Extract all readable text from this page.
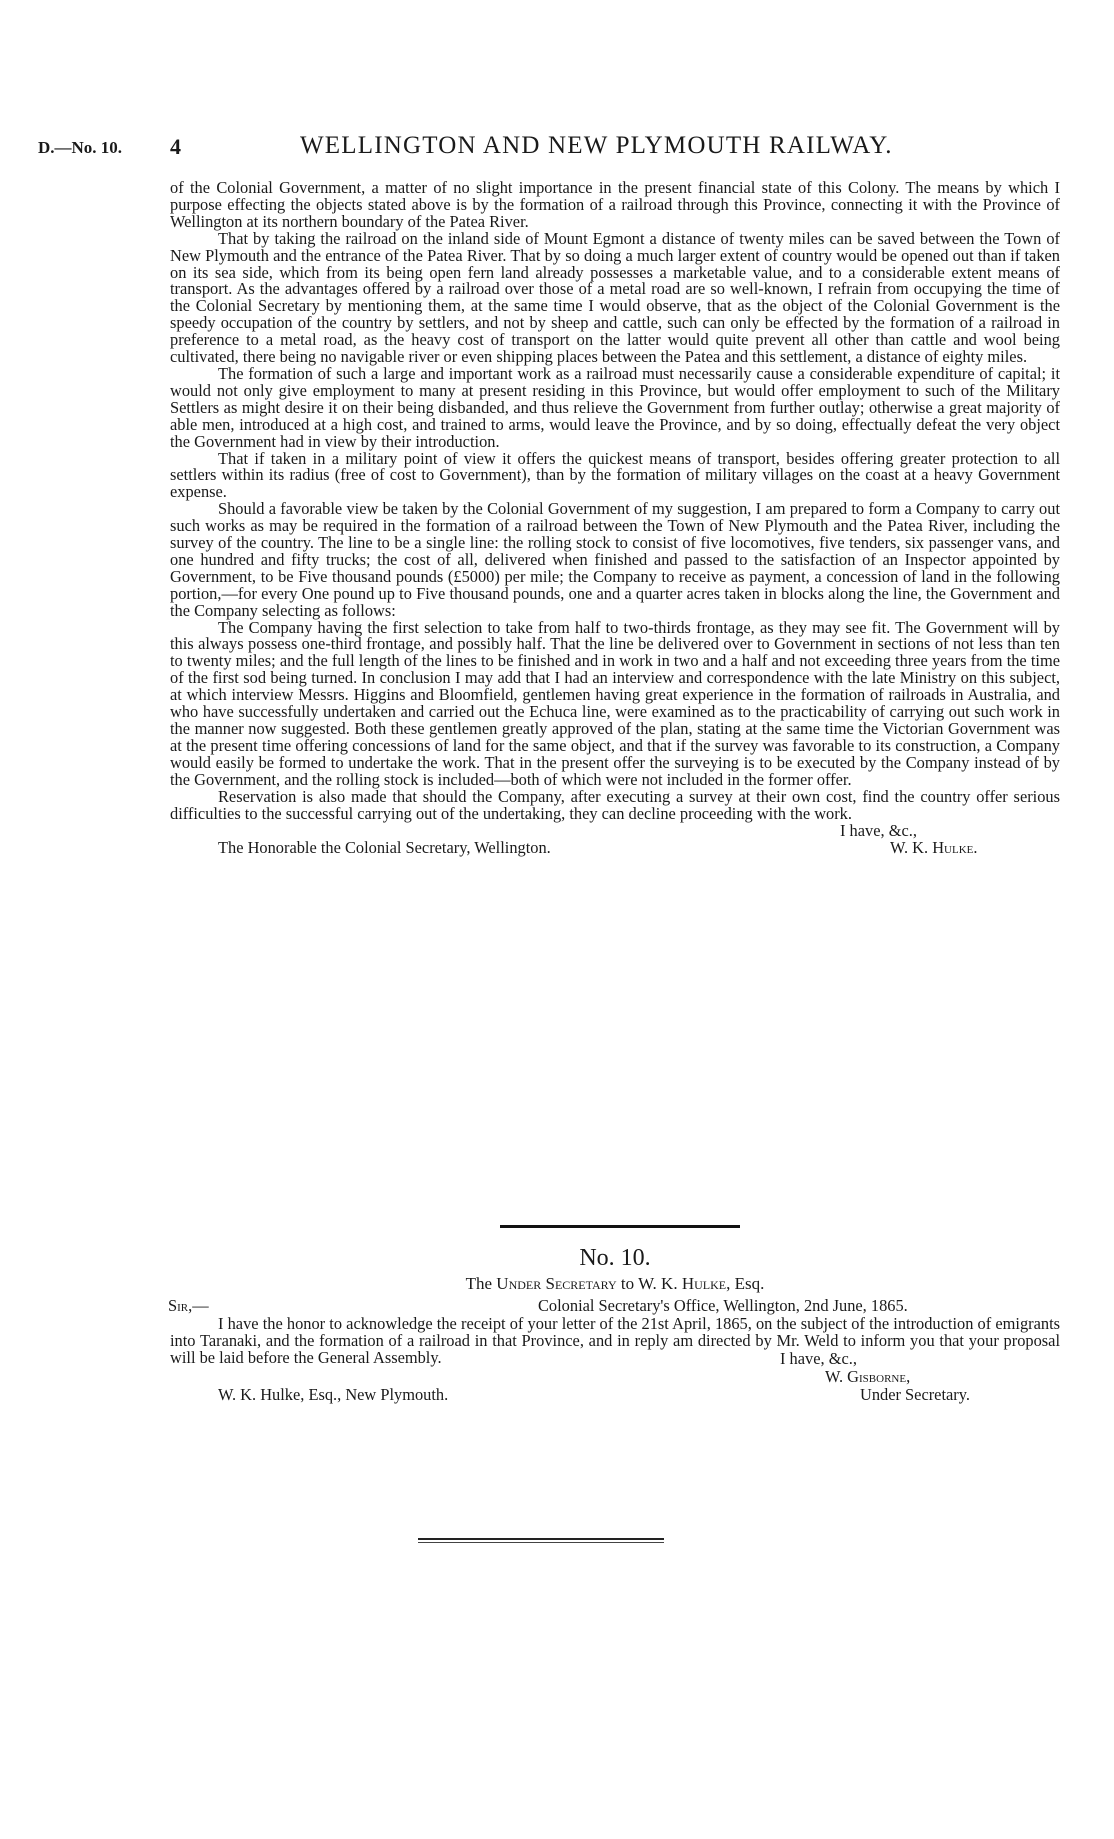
D.—No. 10. 4	WELLINGTON AND NEW PLYMOUTH RAILWAY.

of the Colonial Government, a matter of no slight importance in the present financial state of this Colony. The means by which I purpose effecting the objects stated above is by the formation of a railroad through this Province, connecting it with the Province of Wellington at its northern boundary of the Patea River.

That by taking the railroad on the inland side of Mount Egmont a distance of twenty miles can be saved between the Town of New Plymouth and the entrance of the Patea River. That by so doing a much larger extent of country would be opened out than if taken on its sea side, which from its being open fern land already possesses a marketable value, and to a considerable extent means of transport. As the advantages offered by a railroad over those of a metal road are so well-known, I refrain from occupying the time of the Colonial Secretary by mentioning them, at the same time I would observe, that as the object of the Colonial Government is the speedy occupation of the country by settlers, and not by sheep and cattle, such can only be effected by the formation of a railroad in preference to a metal road, as the heavy cost of transport on the latter would quite prevent all other than cattle and wool being cultivated, there being no navigable river or even shipping places between the Patea and this settlement, a distance of eighty miles.

The formation of such a large and important work as a railroad must necessarily cause a considerable expenditure of capital; it would not only give employment to many at present residing in this Province, but would offer employment to such of the Military Settlers as might desire it on their being disbanded, and thus relieve the Government from further outlay; otherwise a great majority of able men, introduced at a high cost, and trained to arms, would leave the Province, and by so doing, effectually defeat the very object the Government had in view by their introduction.

That if taken in a military point of view it offers the quickest means of transport, besides offering greater protection to all settlers within its radius (free of cost to Government), than by the formation of military villages on the coast at a heavy Government expense.

Should a favorable view be taken by the Colonial Government of my suggestion, I am prepared to form a Company to carry out such works as may be required in the formation of a railroad between the Town of New Plymouth and the Patea River, including the survey of the country. The line to be a single line: the rolling stock to consist of five locomotives, five tenders, six passenger vans, and one hundred and fifty trucks; the cost of all, delivered when finished and passed to the satisfaction of an Inspector appointed by Government, to be Five thousand pounds (£5000) per mile; the Company to receive as payment, a concession of land in the following portion,—for every One pound up to Five thousand pounds, one and a quarter acres taken in blocks along the line, the Government and the Company selecting as follows:

The Company having the first selection to take from half to two-thirds frontage, as they may see fit. The Government will by this always possess one-third frontage, and possibly half. That the line be delivered over to Government in sections of not less than ten to twenty miles; and the full length of the lines to be finished and in work in two and a half and not exceeding three years from the time of the first sod being turned. In conclusion I may add that I had an interview and correspondence with the late Ministry on this subject, at which interview Messrs. Higgins and Bloomfield, gentlemen having great experience in the formation of railroads in Australia, and who have successfully undertaken and carried out the Echuca line, were examined as to the practicability of carrying out such work in the manner now suggested. Both these gentlemen greatly approved of the plan, stating at the same time the Victorian Government was at the present time offering concessions of land for the same object, and that if the survey was favorable to its construction, a Company would easily be formed to undertake the work. That in the present offer the surveying is to be executed by the Company instead of by the Government, and the rolling stock is included—both of which were not included in the former offer.

Reservation is also made that should the Company, after executing a survey at their own cost, find the country offer serious difficulties to the successful carrying out of the undertaking, they can decline proceeding with the work.

I have, &c.,
The Honorable the Colonial Secretary, Wellington.	W. K. Hulke.
No. 10.
The Under Secretary to W. K. Hulke, Esq.
Sir,—	Colonial Secretary's Office, Wellington, 2nd June, 1865.

I have the honor to acknowledge the receipt of your letter of the 21st April, 1865, on the subject of the introduction of emigrants into Taranaki, and the formation of a railroad in that Province, and in reply am directed by Mr. Weld to inform you that your proposal will be laid before the General Assembly.	I have, &c.,
W. Gisborne,
W. K. Hulke, Esq., New Plymouth.	Under Secretary.
